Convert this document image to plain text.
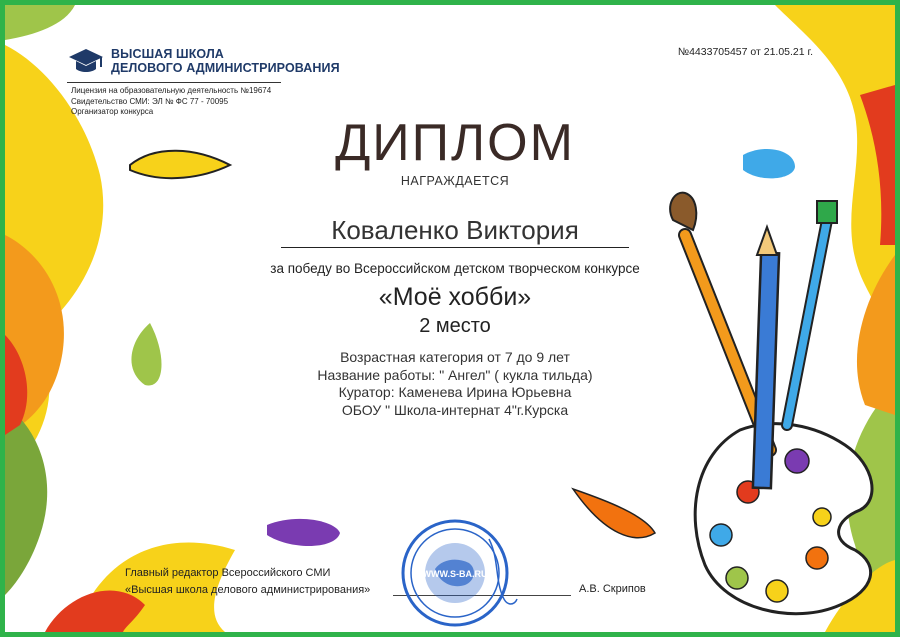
ВЫСШАЯ ШКОЛА
ДЕЛОВОГО АДМИНИСТРИРОВАНИЯ
Лицензия на образовательную деятельность №19674
Свидетельство СМИ: ЭЛ № ФС 77 - 70095
Организатор конкурса
№4433705457 от 21.05.21 г.
ДИПЛОМ
НАГРАЖДАЕТСЯ
Коваленко Виктория
за победу во Всероссийском детском творческом конкурсе
«Моё хобби»
2 место
Возрастная категория от 7 до 9 лет
Название работы: " Ангел" ( кукла тильда)
Куратор: Каменева Ирина Юрьевна
ОБОУ " Школа-интернат 4"г.Курска
Главный редактор Всероссийского СМИ
«Высшая школа делового администрирования»	А.В. Скрипов
WWW.S-BA.RU
